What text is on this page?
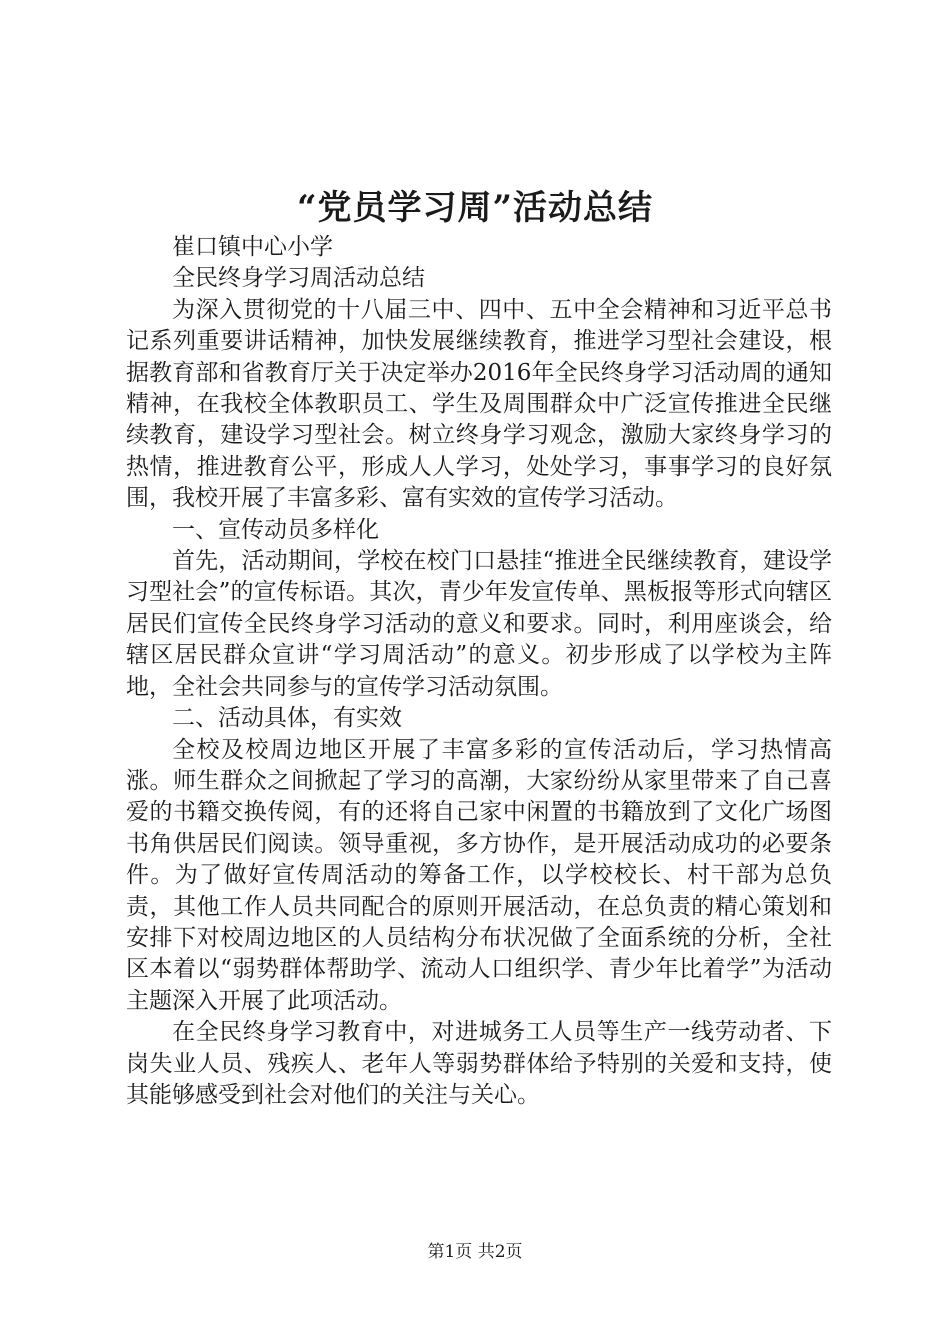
“党员学习周”活动总结

崔口镇中心小学

全民终身学习周活动总结

为深入贯彻党的十八届三中、四中、五中全会精神和习近平总书记系列重要讲话精神，加快发展继续教育，推进学习型社会建设，根据教育部和省教育厅关于决定举办2016年全民终身学习活动周的通知精神，在我校全体教职员工、学生及周围群众中广泛宣传推进全民继续教育，建设学习型社会。树立终身学习观念，激励大家终身学习的热情，推进教育公平，形成人人学习，处处学习，事事学习的良好氛围，我校开展了丰富多彩、富有实效的宣传学习活动。

一、宣传动员多样化

首先，活动期间，学校在校门口悬挂“推进全民继续教育，建设学习型社会”的宣传标语。其次，青少年发宣传单、黑板报等形式向辖区居民们宣传全民终身学习活动的意义和要求。同时，利用座谈会，给辖区居民群众宣讲“学习周活动”的意义。初步形成了以学校为主阵地，全社会共同参与的宣传学习活动氛围。

二、活动具体，有实效

全校及校周边地区开展了丰富多彩的宣传活动后，学习热情高涨。师生群众之间掀起了学习的高潮，大家纷纷从家里带来了自己喜爱的书籍交换传阅，有的还将自己家中闲置的书籍放到了文化广场图书角供居民们阅读。领导重视，多方协作，是开展活动成功的必要条件。为了做好宣传周活动的筹备工作，以学校校长、村干部为总负责，其他工作人员共同配合的原则开展活动，在总负责的精心策划和安排下对校周边地区的人员结构分布状况做了全面系统的分析，全社区本着以“弱势群体帮助学、流动人口组织学、青少年比着学”为活动主题深入开展了此项活动。

在全民终身学习教育中，对进城务工人员等生产一线劳动者、下岗失业人员、残疾人、老年人等弱势群体给予特别的关爱和支持，使其能够感受到社会对他们的关注与关心。

第1页 共2页
